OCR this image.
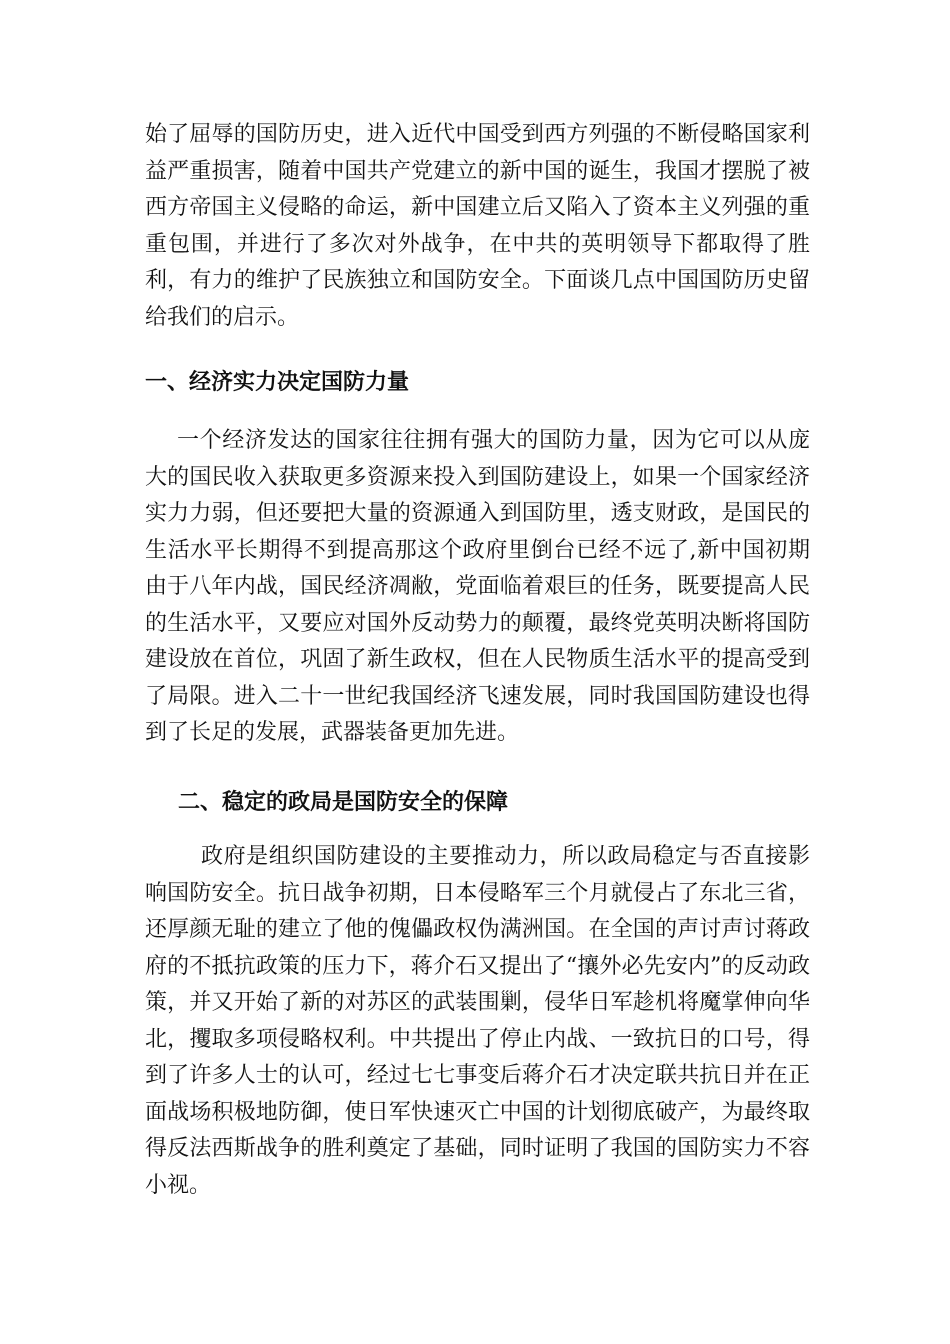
始了屈辱的国防历史，进入近代中国受到西方列强的不断侵略国家利益严重损害，随着中国共产党建立的新中国的诞生，我国才摆脱了被西方帝国主义侵略的命运，新中国建立后又陷入了资本主义列强的重重包围，并进行了多次对外战争，在中共的英明领导下都取得了胜利，有力的维护了民族独立和国防安全。下面谈几点中国国防历史留给我们的启示。

一、经济实力决定国防力量

一个经济发达的国家往往拥有强大的国防力量，因为它可以从庞大的国民收入获取更多资源来投入到国防建设上，如果一个国家经济实力力弱，但还要把大量的资源通入到国防里，透支财政，是国民的生活水平长期得不到提高那这个政府里倒台已经不远了,新中国初期由于八年内战，国民经济凋敝，党面临着艰巨的任务，既要提高人民的生活水平，又要应对国外反动势力的颠覆，最终党英明决断将国防建设放在首位，巩固了新生政权，但在人民物质生活水平的提高受到了局限。进入二十一世纪我国经济飞速发展，同时我国国防建设也得到了长足的发展，武器装备更加先进。

二、稳定的政局是国防安全的保障

政府是组织国防建设的主要推动力，所以政局稳定与否直接影响国防安全。抗日战争初期，日本侵略军三个月就侵占了东北三省，还厚颜无耻的建立了他的傀儡政权伪满洲国。在全国的声讨声讨蒋政府的不抵抗政策的压力下，蒋介石又提出了“攘外必先安内”的反动政策，并又开始了新的对苏区的武装围剿，侵华日军趁机将魔掌伸向华北，攫取多项侵略权利。中共提出了停止内战、一致抗日的口号，得到了许多人士的认可，经过七七事变后蒋介石才决定联共抗日并在正面战场积极地防御，使日军快速灭亡中国的计划彻底破产，为最终取得反法西斯战争的胜利奠定了基础，同时证明了我国的国防实力不容小视。
